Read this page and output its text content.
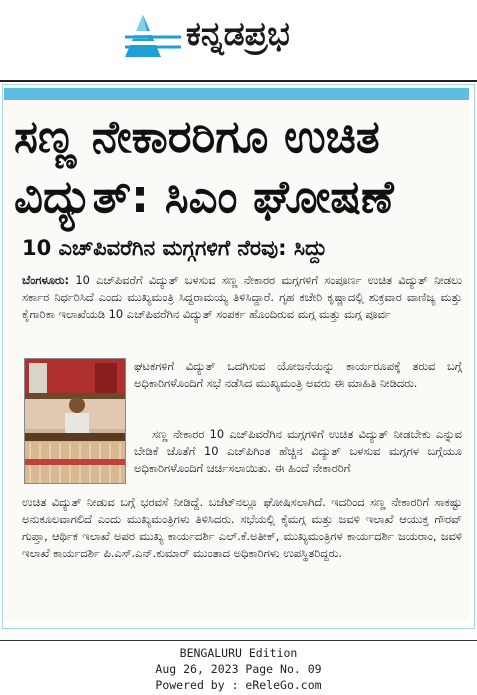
ಕನ್ನಡಪ್ರಭ
ಸಣ್ಣ ನೇಕಾರರಿಗೂ ಉಚಿತ
ವಿದ್ಯುತ್: ಸಿಎಂ ಘೋಷಣೆ
10 ಎಚ್‌ಪಿವರೆಗಿನ ಮಗ್ಗಗಳಿಗೆ ನೆರವು: ಸಿದ್ದು
ಬೆಂಗಳೂರು: 10 ಎಚ್‌ಪಿವರೆಗೆ ವಿದ್ಯುತ್ ಬಳಸುವ ಸಣ್ಣ ನೇಕಾರರ ಮಗ್ಗಗಳಿಗೆ ಸಂಪೂರ್ಣ ಉಚಿತ ವಿದ್ಯುತ್ ನೀಡಲು ಸರ್ಕಾರ ನಿರ್ಧರಿಸಿದೆ ಎಂದು ಮುಖ್ಯಮಂತ್ರಿ ಸಿದ್ದರಾಮಯ್ಯ ತಿಳಿಸಿದ್ದಾರೆ. ಗೃಹ ಕಚೇರಿ ಕೃಷ್ಣಾದಲ್ಲಿ ಶುಕ್ರವಾರ ವಾಣಿಜ್ಯ ಮತ್ತು ಕೈಗಾರಿಕಾ ಇಲಾಖೆಯಡಿ 10 ಎಚ್‌ಪಿವರೆಗಿನ ವಿದ್ಯುತ್ ಸಂಪರ್ಕ ಹೊಂದಿರುವ ಮಗ್ಗ ಮತ್ತು ಮಗ್ಗ ಪೂರ್ವ
ಘಟಕಗಳಿಗೆ ವಿದ್ಯುತ್ ಒದಗಿಸುವ ಯೋಜನೆಯನ್ನು ಕಾರ್ಯರೂಪಕ್ಕೆ ತರುವ ಬಗ್ಗೆ ಅಧಿಕಾರಿಗಳೊಂದಿಗೆ ಸಭೆ ನಡೆಸಿದ ಮುಖ್ಯಮಂತ್ರಿ ಅವರು ಈ ಮಾಹಿತಿ ನೀಡಿದರು.
ಸಣ್ಣ ನೇಕಾರರ 10 ಎಚ್‌ಪಿವರೆಗಿನ ಮಗ್ಗಗಳಿಗೆ ಉಚಿತ ವಿದ್ಯುತ್ ನೀಡಬೇಕು ಎನ್ನುವ ಬೇಡಿಕೆ ಜೊತೆಗೆ 10 ಎಚ್‌ಪಿಗಿಂತ ಹೆಚ್ಚಿನ ವಿದ್ಯುತ್ ಬಳಸುವ ಮಗ್ಗಗಳ ಬಗ್ಗೆಯೂ ಅಧಿಕಾರಿಗಳೊಂದಿಗೆ ಚರ್ಚಿಸಲಾಯಿತು. ಈ ಹಿಂದೆ ನೇಕಾರರಿಗೆ
ಉಚಿತ ವಿದ್ಯುತ್ ನೀಡುವ ಬಗ್ಗೆ ಭರವಸೆ ನೀಡಿದ್ದೆ. ಬಜೆಟ್‌ನಲ್ಲೂ ಘೋಷಿಸಲಾಗಿದೆ. ಇದರಿಂದ ಸಣ್ಣ ನೇಕಾರರಿಗೆ ಸಾಕಷ್ಟು ಅನುಕೂಲವಾಗಲಿದೆ ಎಂದು ಮುಖ್ಯಮಂತ್ರಿಗಳು ತಿಳಿಸಿದರು. ಸಭೆಯಲ್ಲಿ ಕೈಮಗ್ಗ ಮತ್ತು ಜವಳಿ ಇಲಾಖೆ ಆಯುಕ್ತ ಗೌರವ್ ಗುಪ್ತಾ, ಆರ್ಥಿಕ ಇಲಾಖೆ ಅಪರ ಮುಖ್ಯ ಕಾರ್ಯದರ್ಶಿ ಎಲ್.ಕೆ.ಅತೀಕ್, ಮುಖ್ಯಮಂತ್ರಿಗಳ ಕಾರ್ಯದರ್ಶಿ ಜಯರಾಂ, ಜವಳಿ ಇಲಾಖೆ ಕಾರ್ಯದರ್ಶಿ ಪಿ.ಎಸ್.ಎನ್.ಕುಮಾರ್ ಮುಂತಾದ ಅಧಿಕಾರಿಗಳು ಉಪಸ್ಥಿತರಿದ್ದರು.
BENGALURU Edition
Aug 26, 2023 Page No. 09
Powered by : eReleGo.com
